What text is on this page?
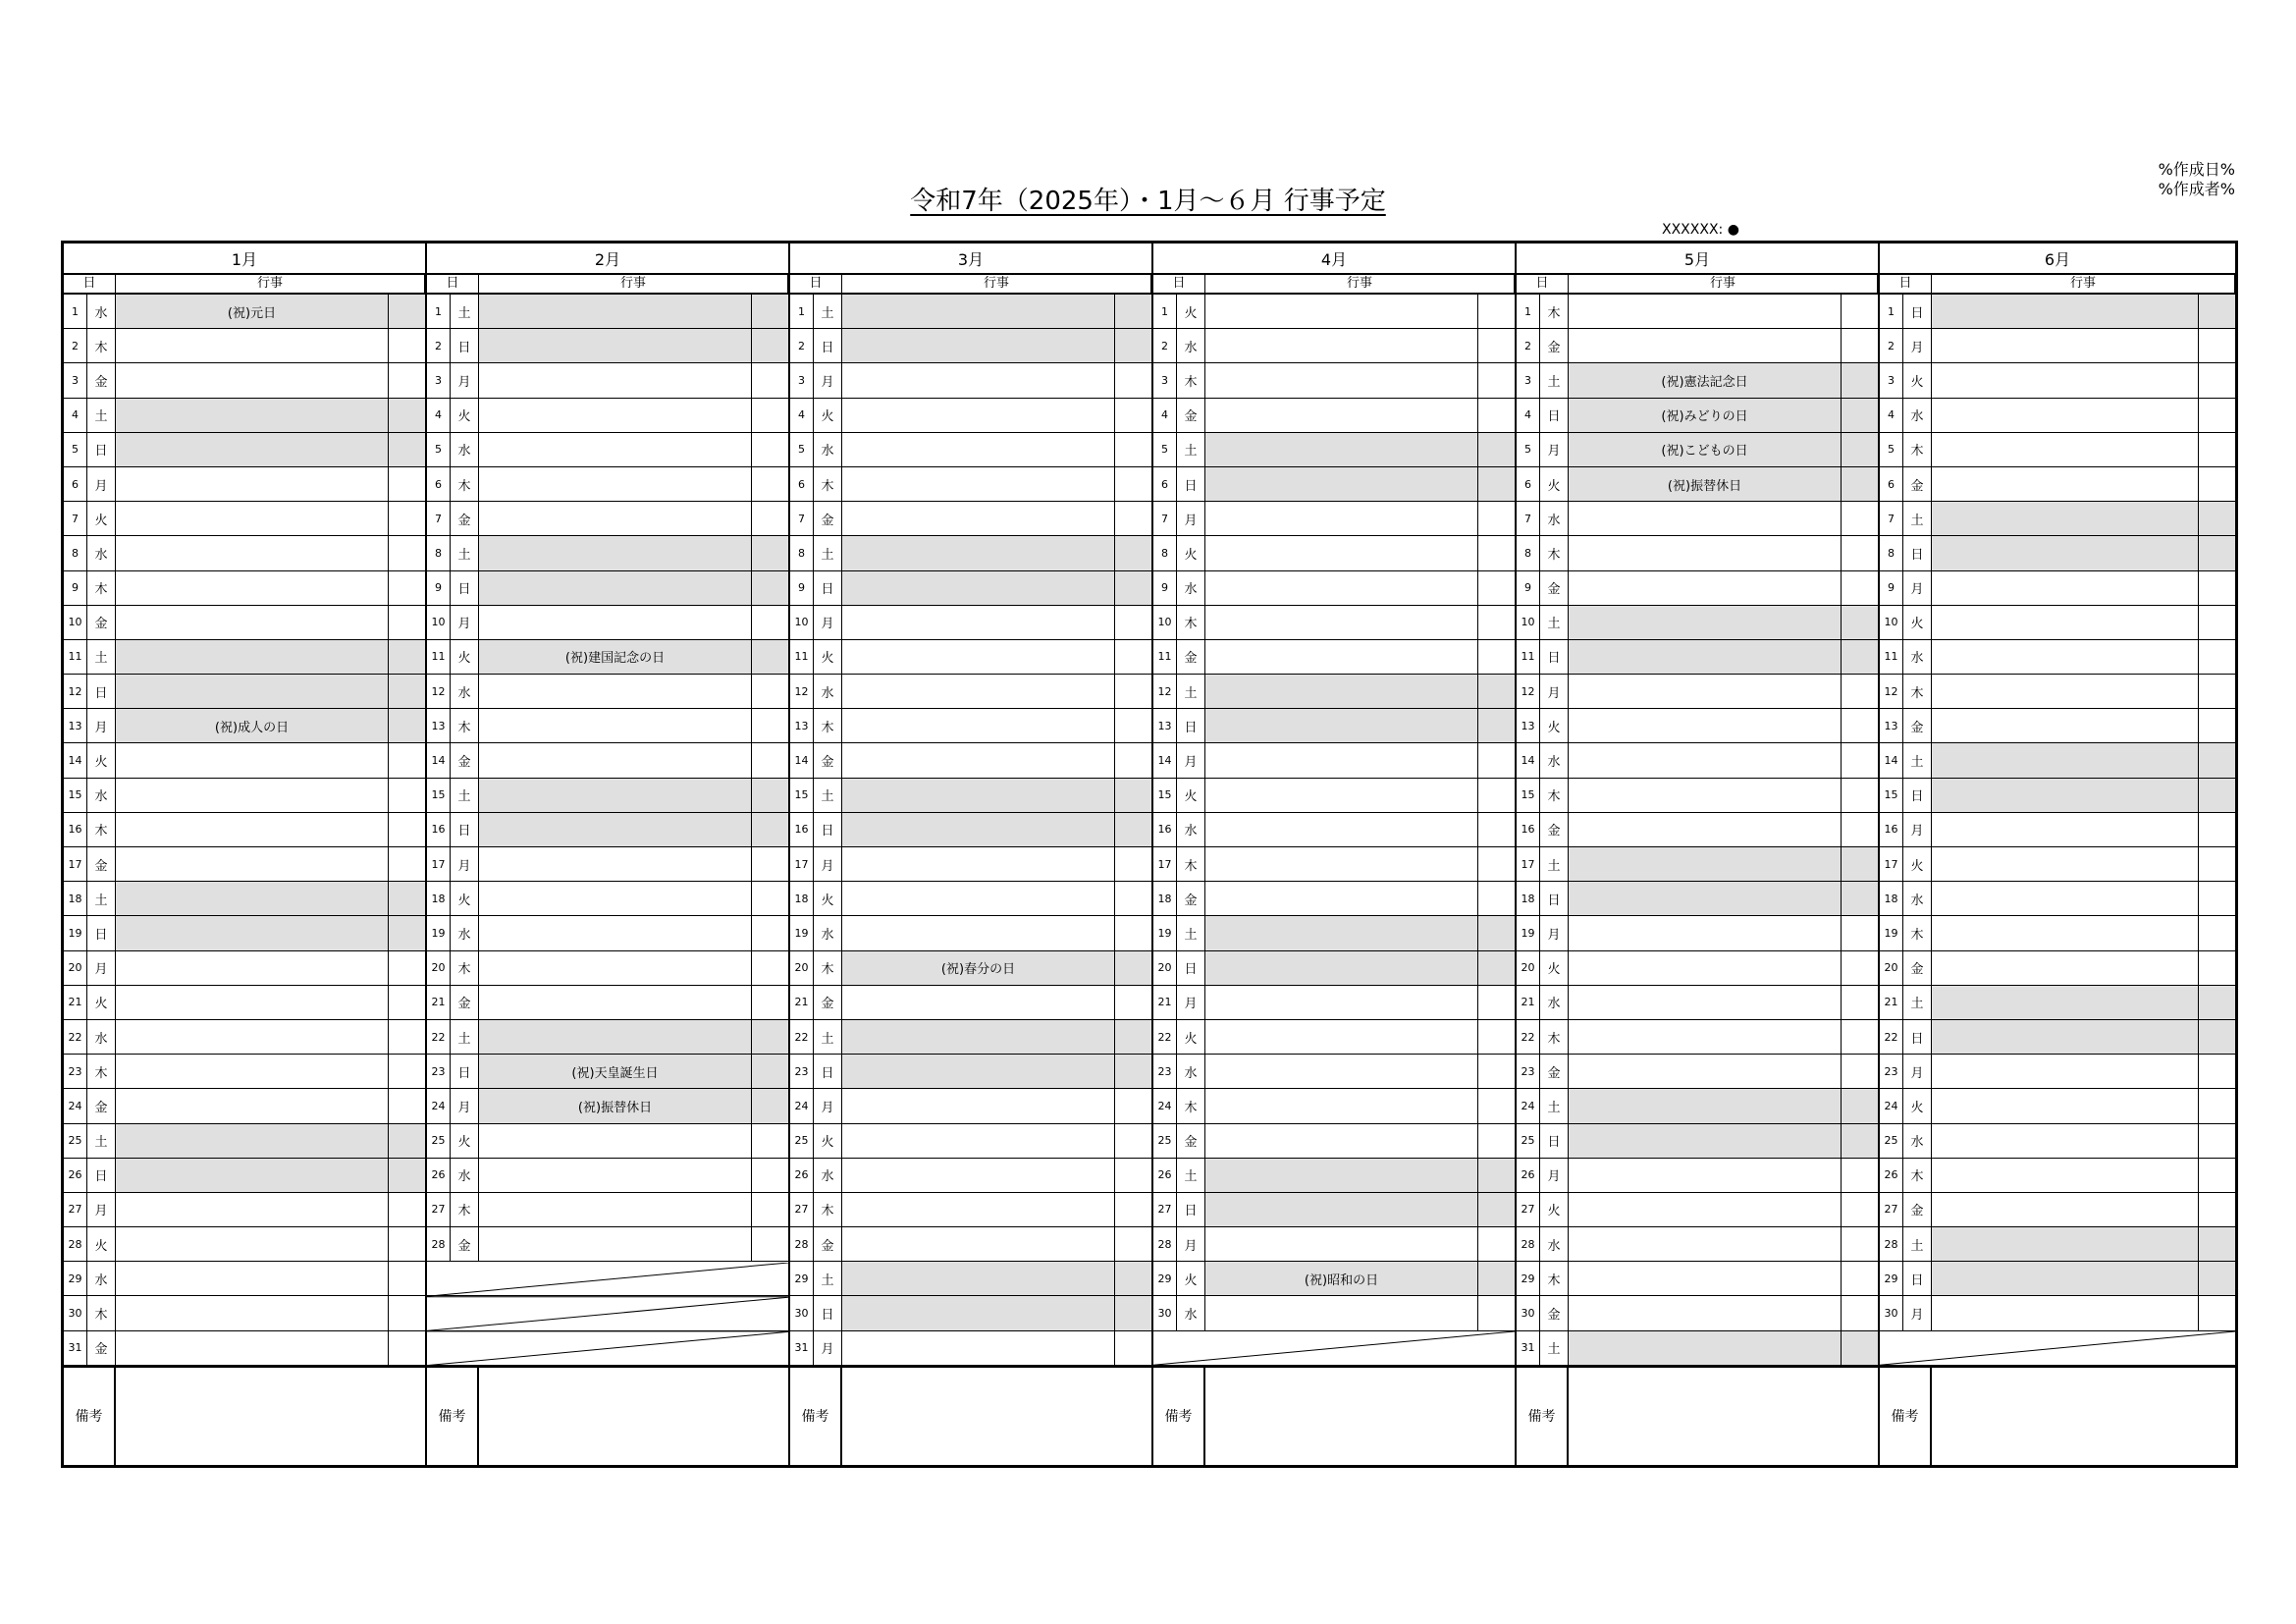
令和7年（2025年）・1月～６月 行事予定
%作成日%
%作成者%
XXXXXX: ●
1月
日	行事
1	水	(祝)元日
2	木
3	金
4	土
5	日
6	月
7	火
8	水
9	木
10 金
11 土
12 日
13 月	(祝)成人の日
14 火
15 水
16 木
17 金
18 土
19 日
20 月
21 火
22 水
23 木
24 金
25 土
26 日
27 月
28 火
29 水
30 木
31 金
備考
2月
日	行事
1	土
2	日
3	月
4	火
5	水
6	木
7	金
8	土
9	日
10 月
11 火	(祝)建国記念の日
12 水
13 木
14 金
15 土
16 日
17 月
18 火
19 水
20 木
21 金
22 土
23 日	(祝)天皇誕生日
24 月	(祝)振替休日
25 火
26 水
27 木
28 金
備考
3月
日	行事
1	土
2	日
3	月
4	火
5	水
6	木
7	金
8	土
9	日
10 月
11 火
12 水
13 木
14 金
15 土
16 日
17 月
18 火
19 水
20 木	(祝)春分の日
21 金
22 土
23 日
24 月
25 火
26 水
27 木
28 金
29 土
30 日
31 月
備考
4月
日	行事
1	火
2	水
3	木
4	金
5	土
6	日
7	月
8	火
9	水
10 木
11 金
12 土
13 日
14 月
15 火
16 水
17 木
18 金
19 土
20 日
21 月
22 火
23 水
24 木
25 金
26 土
27 日
28 月
29 火	(祝)昭和の日
30 水
備考
5月
日	行事
1	木
2	金
3	土	(祝)憲法記念日
4	日	(祝)みどりの日
5	月	(祝)こどもの日
6	火	(祝)振替休日
7	水
8	木
9	金
10 土
11 日
12 月
13 火
14 水
15 木
16 金
17 土
18 日
19 月
20 火
21 水
22 木
23 金
24 土
25 日
26 月
27 火
28 水
29 木
30 金
31 土
備考
6月
日	行事
1	日
2	月
3	火
4	水
5	木
6	金
7	土
8	日
9	月
10 火
11 水
12 木
13 金
14 土
15 日
16 月
17 火
18 水
19 木
20 金
21 土
22 日
23 月
24 火
25 水
26 木
27 金
28 土
29 日
30 月
備考
